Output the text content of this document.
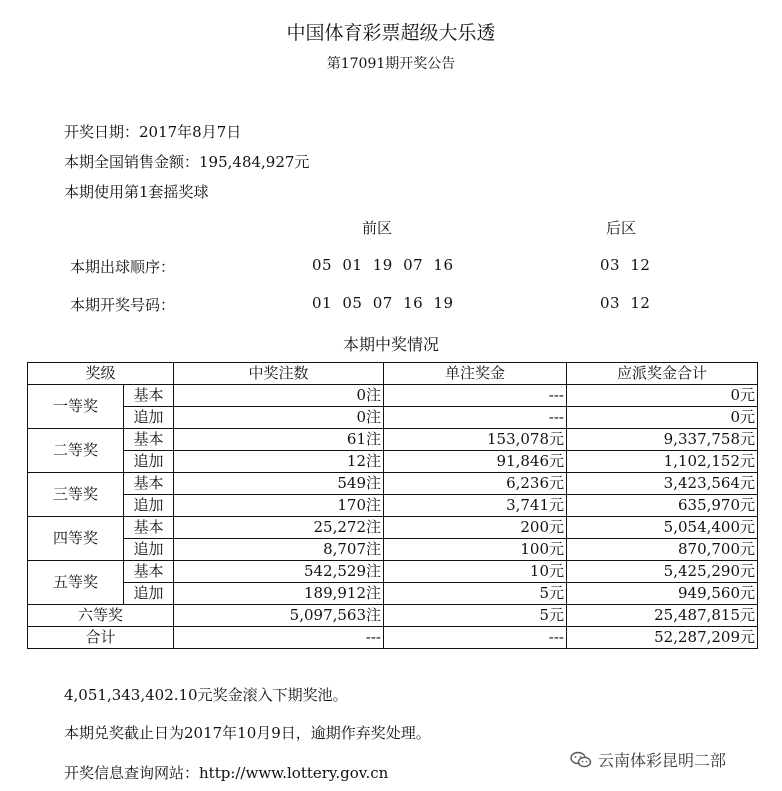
中国体育彩票超级大乐透
第17091期开奖公告
开奖日期：2017年8月7日
本期全国销售金额：195,484,927元
本期使用第1套摇奖球
前区	后区
本期出球顺序：	05 01 19 07 16	03 12
本期开奖号码：	01 05 07 16 19	03 12
本期中奖情况
奖级		中奖注数	单注奖金	应派奖金合计
一等奖	基本	0注	---	0元
	追加	0注	---	0元
二等奖	基本	61注	153,078元	9,337,758元
	追加	12注	91,846元	1,102,152元
三等奖	基本	549注	6,236元	3,423,564元
	追加	170注	3,741元	635,970元
四等奖	基本	25,272注	200元	5,054,400元
	追加	8,707注	100元	870,700元
五等奖	基本	542,529注	10元	5,425,290元
	追加	189,912注	5元	949,560元
六等奖		5,097,563注	5元	25,487,815元
合计		---	---	52,287,209元
4,051,343,402.10元奖金滚入下期奖池。
本期兑奖截止日为2017年10月9日，逾期作弃奖处理。
开奖信息查询网站：http://www.lottery.gov.cn
云南体彩昆明二部
